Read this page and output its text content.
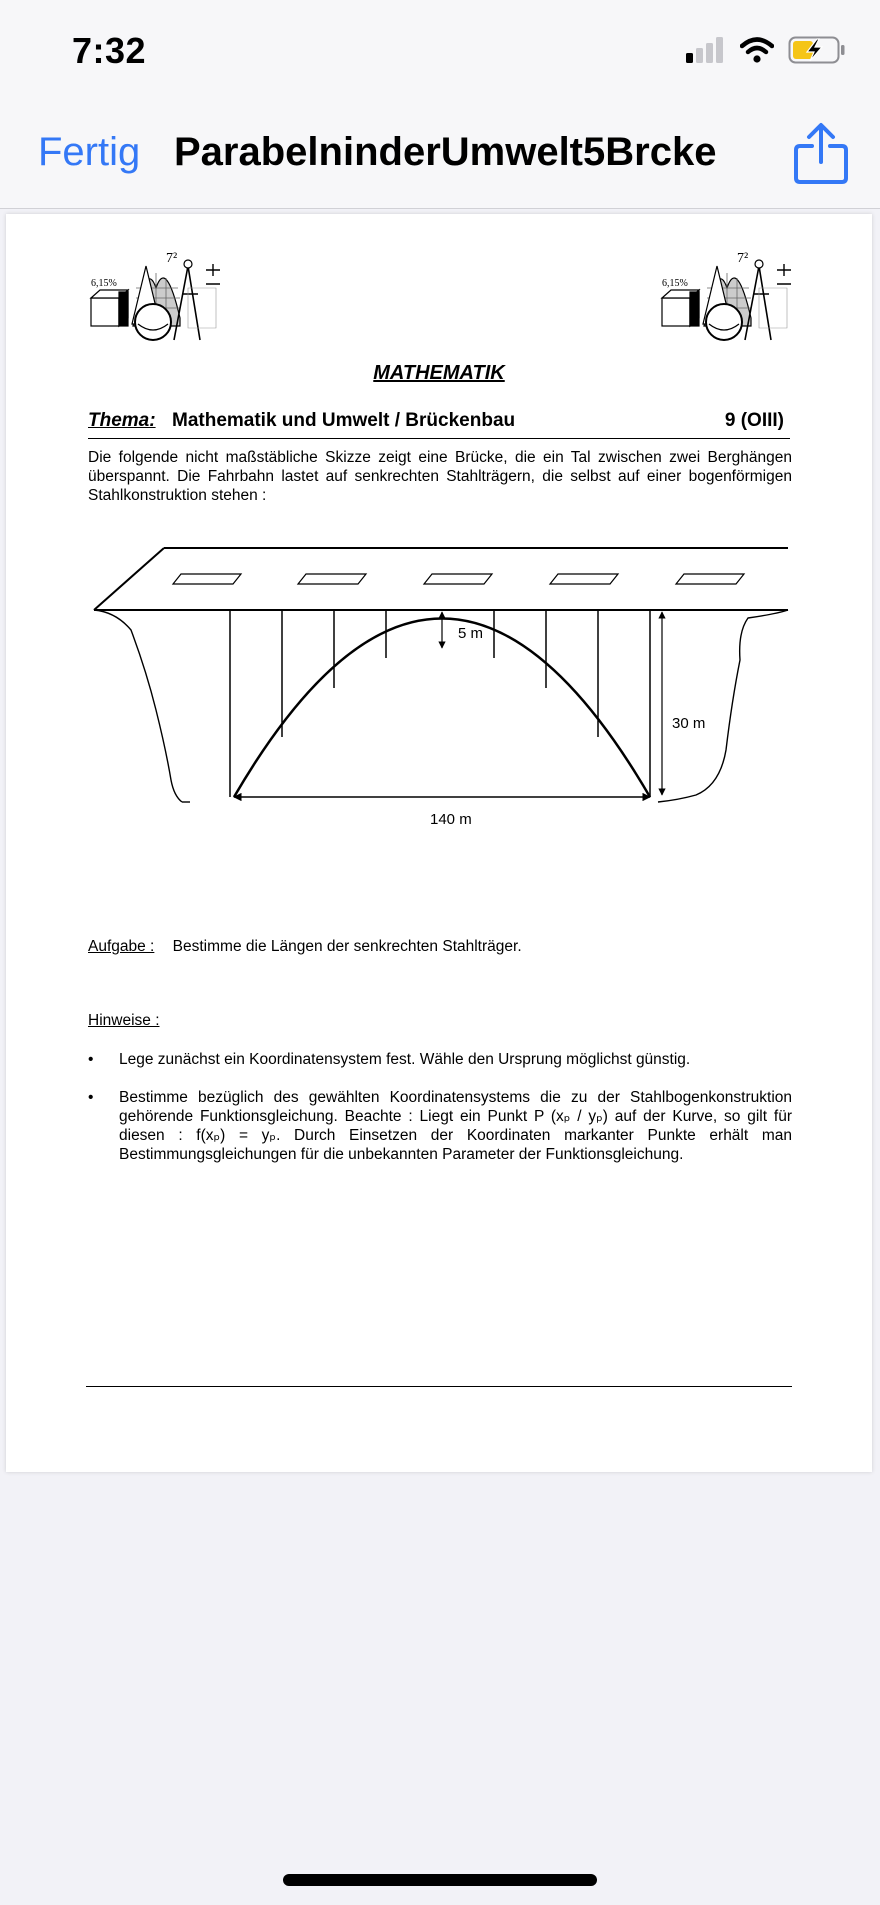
7:32
Fertig ParabelninderUmwelt5Brcke
6,15%
7²
6,15%
7²
MATHEMATIK
Thema: Mathematik und Umwelt / Brückenbau	9 (OIII)
Die folgende nicht maßstäbliche Skizze zeigt eine Brücke, die ein Tal zwischen zwei Berghängen überspannt. Die Fahrbahn lastet auf senkrechten Stahlträgern, die selbst auf einer bogenförmigen Stahlkonstruktion stehen :
5 m
30 m
140 m
Aufgabe : Bestimme die Längen der senkrechten Stahlträger.
Hinweise :
• Lege zunächst ein Koordinatensystem fest. Wähle den Ursprung möglichst günstig.
• Bestimme bezüglich des gewählten Koordinatensystems die zu der Stahlbogenkonstruktion gehörende Funktionsgleichung. Beachte : Liegt ein Punkt P (xₚ / yₚ) auf der Kurve, so gilt für diesen : f(xₚ) = yₚ. Durch Einsetzen der Koordinaten markanter Punkte erhält man Bestimmungsgleichungen für die unbekannten Parameter der Funktionsgleichung.
